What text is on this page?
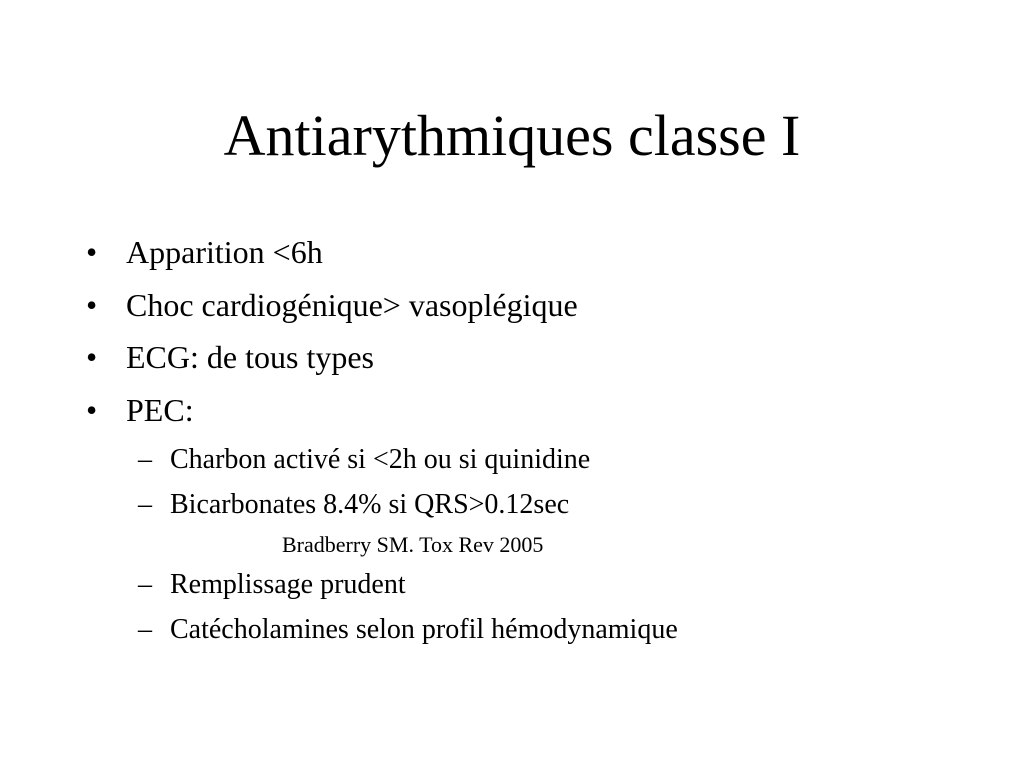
Antiarythmiques classe I
• Apparition <6h
• Choc cardiogénique> vasoplégique
• ECG: de tous types
• PEC:
– Charbon activé si <2h ou si quinidine
– Bicarbonates 8.4% si QRS>0.12sec
Bradberry SM. Tox Rev 2005
– Remplissage prudent
– Catécholamines selon profil hémodynamique
